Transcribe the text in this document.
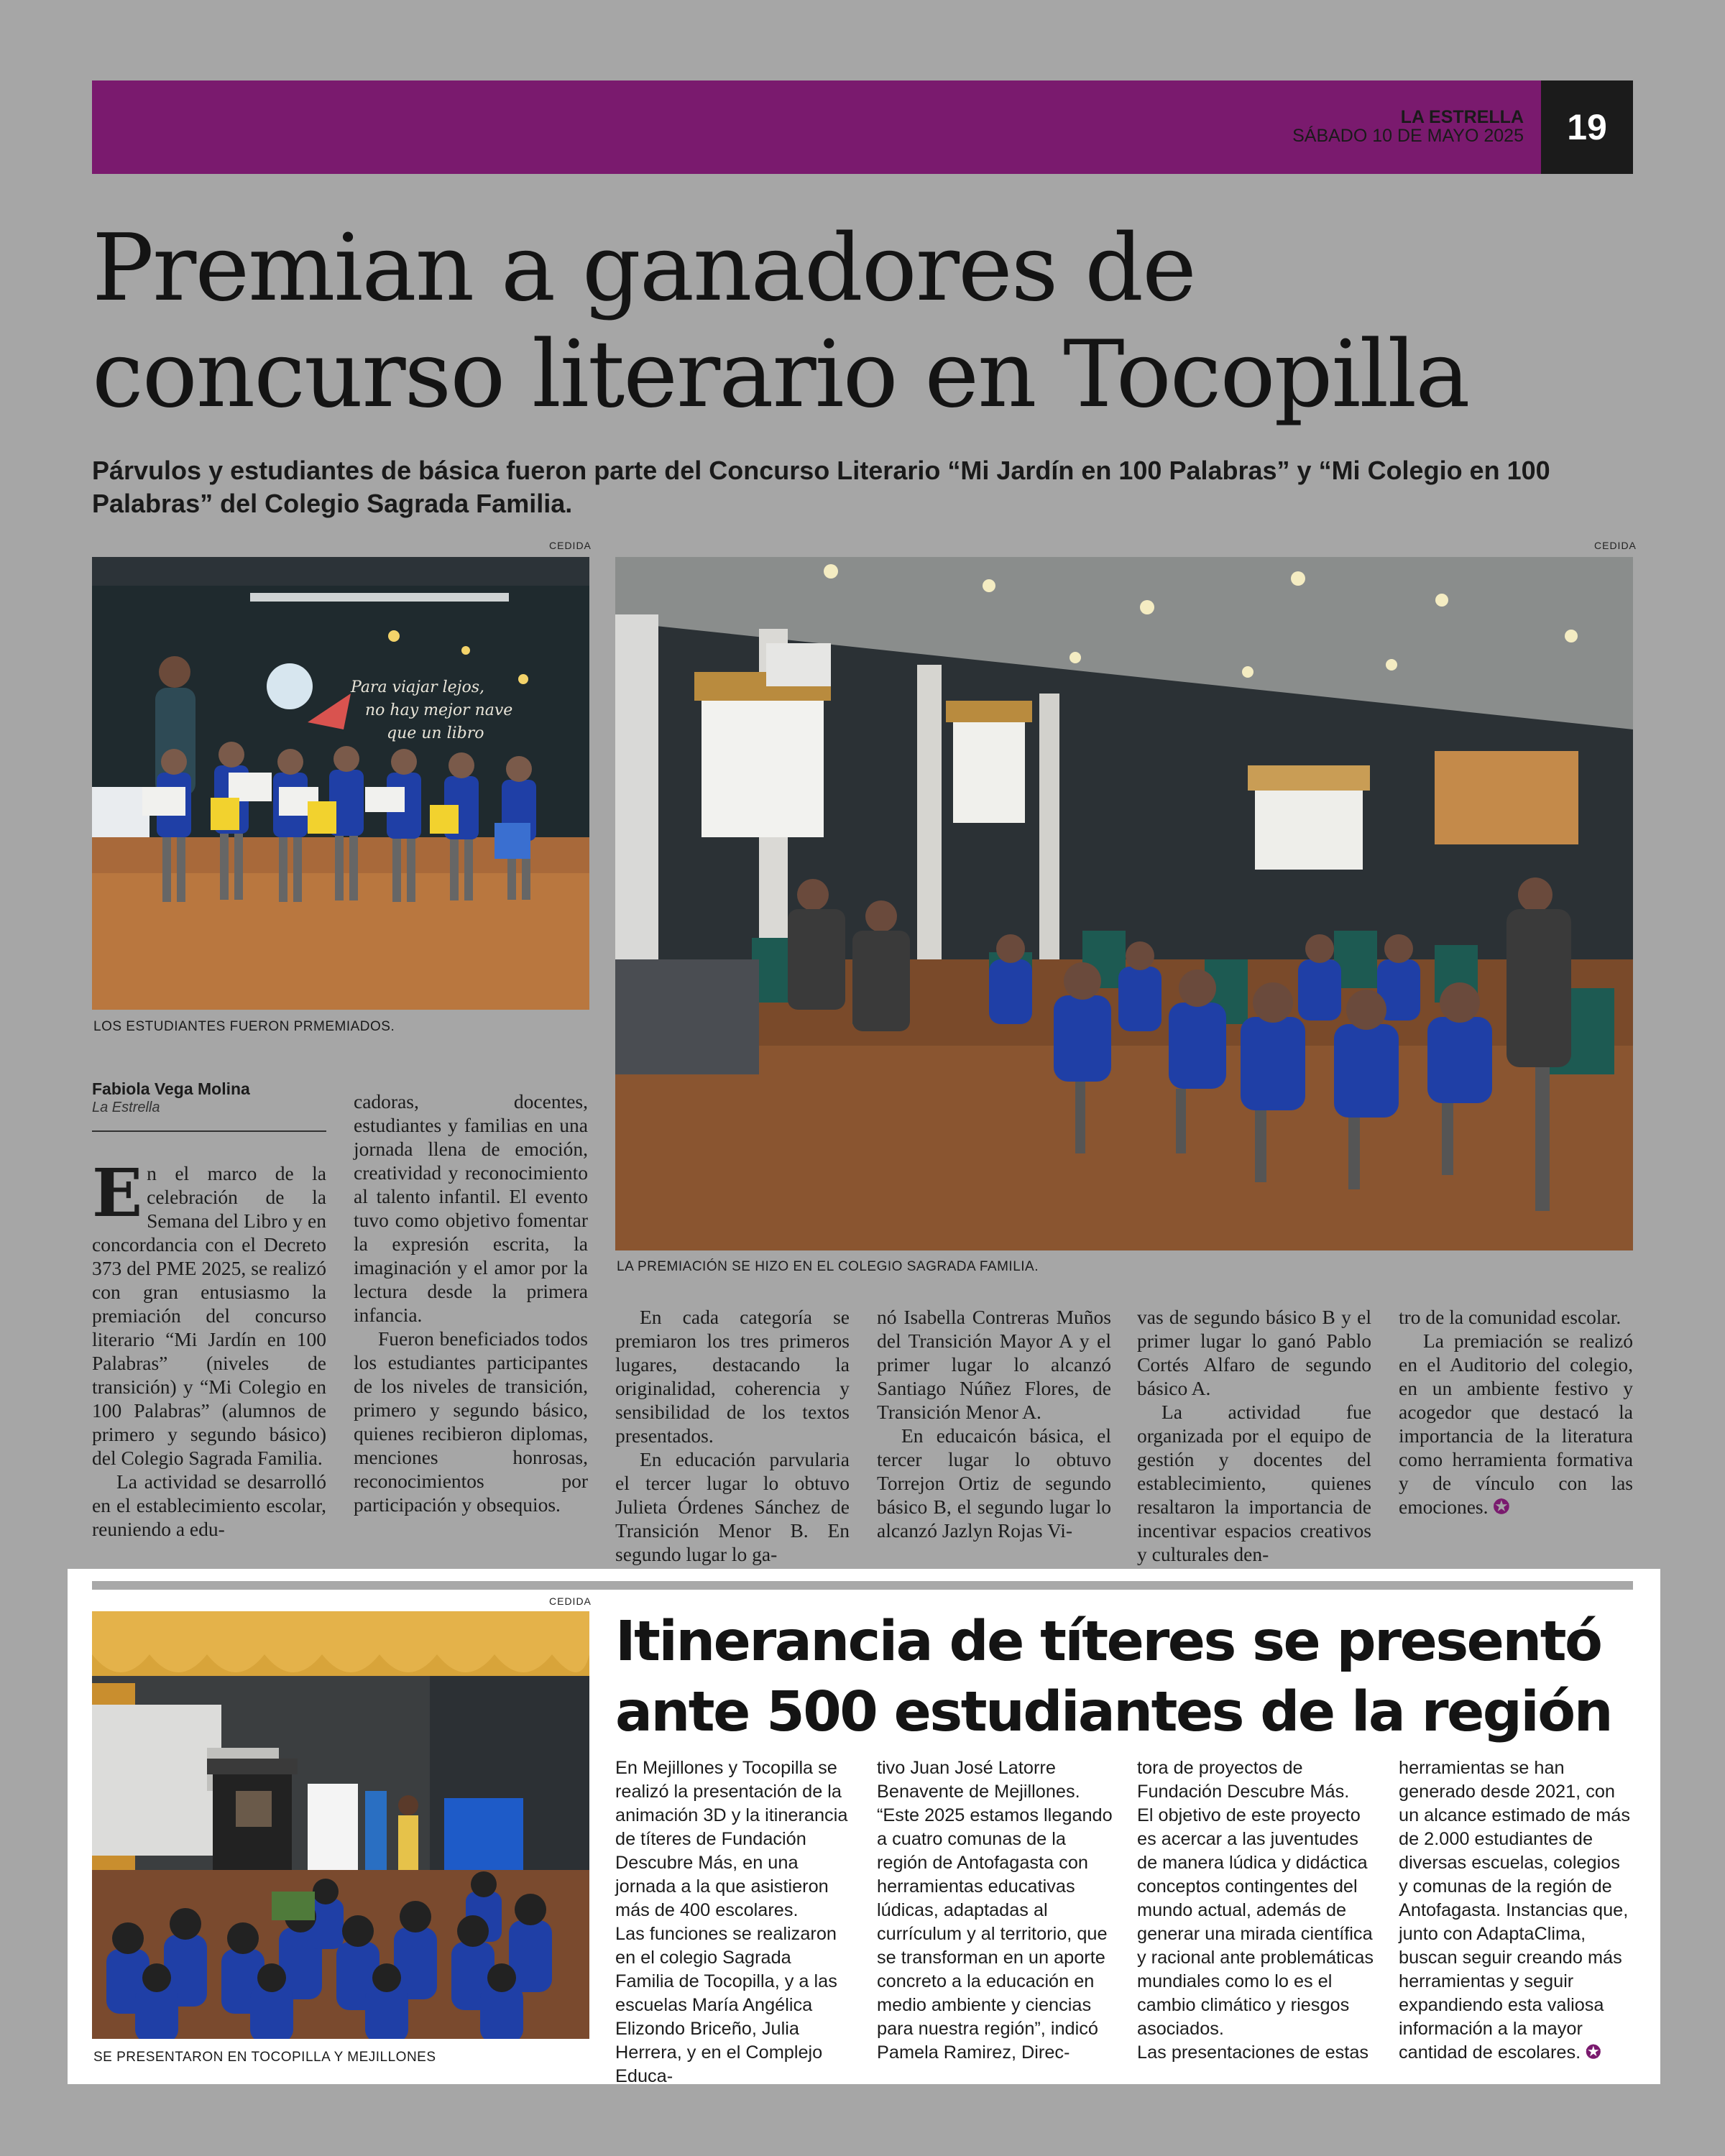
LA ESTRELLA
SÁBADO 10 DE MAYO 2025	19
Premian a ganadores de
concurso literario en Tocopilla
Párvulos y estudiantes de básica fueron parte del Concurso Literario “Mi Jardín en 100 Palabras” y “Mi Colegio en 100 Palabras” del Colegio Sagrada Familia.
CEDIDA
Para viajar lejos,
no hay mejor nave
que un libro
LOS ESTUDIANTES FUERON PRMEMIADOS.
CEDIDA
LA PREMIACIÓN SE HIZO EN EL COLEGIO SAGRADA FAMILIA.
Fabiola Vega Molina
La Estrella

En el marco de la celebración de la Semana del Libro y en concordancia con el Decreto 373 del PME 2025, se realizó con gran entusiasmo la premiación del concurso literario “Mi Jardín en 100 Palabras” (niveles de transición) y “Mi Colegio en 100 Palabras” (alumnos de primero y segundo básico) del Colegio Sagrada Familia.

La actividad se desarrolló en el establecimiento escolar, reuniendo a edu-

cadoras, docentes, estudiantes y familias en una jornada llena de emoción, creatividad y reconocimiento al talento infantil. El evento tuvo como objetivo fomentar la expresión escrita, la imaginación y el amor por la lectura desde la primera infancia.

Fueron beneficiados todos los estudiantes participantes de los niveles de transición, primero y segundo básico, quienes recibieron diplomas, menciones honrosas, reconocimientos por participación y obsequios.

En cada categoría se premiaron los tres primeros lugares, destacando la originalidad, coherencia y sensibilidad de los textos presentados.

En educación parvularia el tercer lugar lo obtuvo Julieta Órdenes Sánchez de Transición Menor B. En segundo lugar lo ga-

nó Isabella Contreras Muños del Transición Mayor A y el primer lugar lo alcanzó Santiago Núñez Flores, de Transición Menor A.

En educaicón básica, el tercer lugar lo obtuvo Torrejon Ortiz de segundo básico B, el segundo lugar lo alcanzó Jazlyn Rojas Vi-

vas de segundo básico B y el primer lugar lo ganó Pablo Cortés Alfaro de segundo básico A.

La actividad fue organizada por el equipo de gestión y docentes del establecimiento, quienes resaltaron la importancia de incentivar espacios creativos y culturales den-

tro de la comunidad escolar.

La premiación se realizó en el Auditorio del colegio, en un ambiente festivo y acogedor que destacó la importancia de la literatura como herramienta formativa y de vínculo con las emociones. ✪

CEDIDA
SE PRESENTARON EN TOCOPILLA Y MEJILLONES
Itinerancia de títeres se presentó
ante 500 estudiantes de la región

En Mejillones y Tocopilla se realizó la presentación de la animación 3D y la itinerancia de títeres de Fundación Descubre Más, en una jornada a la que asistieron más de 400 escolares.

Las funciones se realizaron en el colegio Sagrada Familia de Tocopilla, y a las escuelas María Angélica Elizondo Briceño, Julia Herrera, y en el Complejo Educa-

tivo Juan José Latorre Benavente de Mejillones.

“Este 2025 estamos llegando a cuatro comunas de la región de Antofagasta con herramientas educativas lúdicas, adaptadas al currículum y al territorio, que se transforman en un aporte concreto a la educación en medio ambiente y ciencias para nuestra región”, indicó Pamela Ramirez, Direc-

tora de proyectos de Fundación Descubre Más.

El objetivo de este proyecto es acercar a las juventudes de manera lúdica y didáctica conceptos contingentes del mundo actual, además de generar una mirada científica y racional ante problemáticas mundiales como lo es el cambio climático y riesgos asociados.

Las presentaciones de estas

herramientas se han generado desde 2021, con un alcance estimado de más de 2.000 estudiantes de diversas escuelas, colegios y comunas de la región de Antofagasta. Instancias que, junto con AdaptaClima, buscan seguir creando más herramientas y seguir expandiendo esta valiosa información a la mayor cantidad de escolares. ✪
